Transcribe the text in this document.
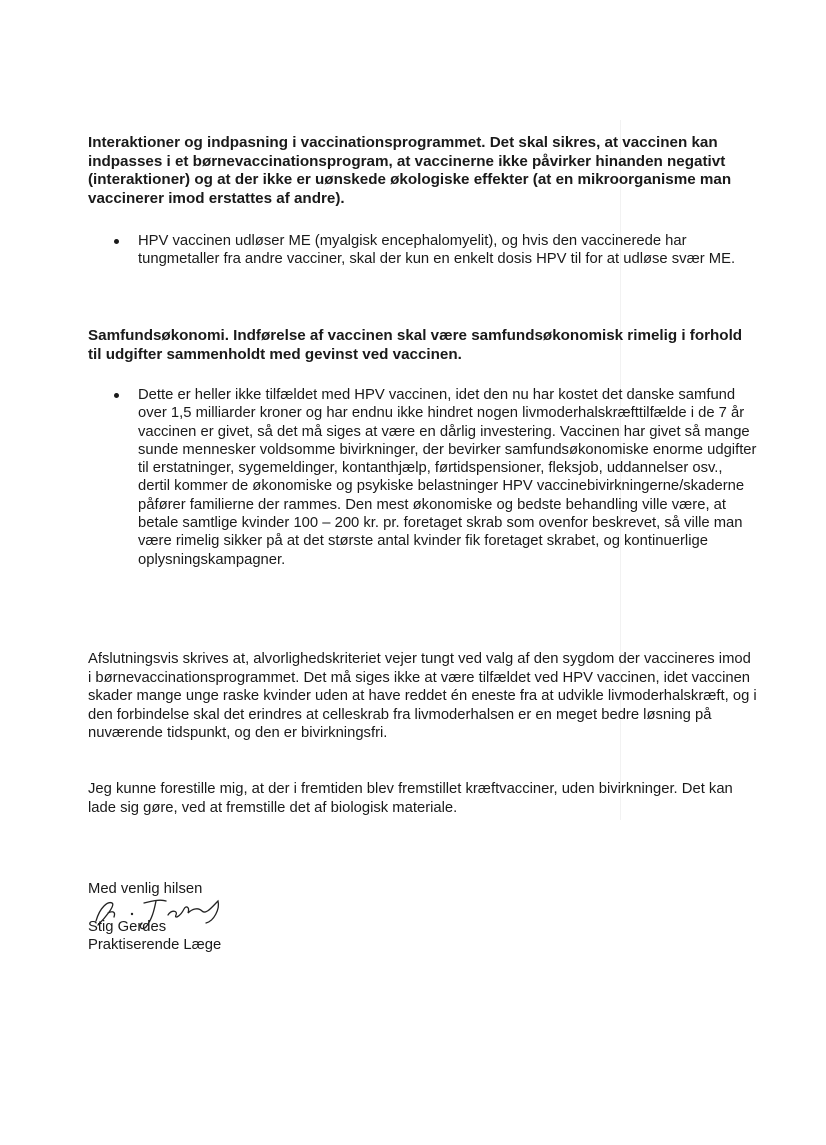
Interaktioner og indpasning i vaccinationsprogrammet. Det skal sikres, at vaccinen kan indpasses i et børnevaccinationsprogram, at vaccinerne ikke påvirker hinanden negativt (interaktioner) og at der ikke er uønskede økologiske effekter (at en mikroorganisme man vaccinerer imod erstattes af andre).
HPV vaccinen udløser ME (myalgisk encephalomyelit), og hvis den vaccinerede har tungmetaller fra andre vacciner, skal der kun en enkelt dosis HPV til for at udløse svær ME.
Samfundsøkonomi. Indførelse af vaccinen skal være samfundsøkonomisk rimelig i forhold til udgifter sammenholdt med gevinst ved vaccinen.
Dette er heller ikke tilfældet med HPV vaccinen, idet den nu har kostet det danske samfund over 1,5 milliarder kroner og har endnu ikke hindret nogen livmoderhalskræfttilfælde i de 7 år vaccinen er givet, så det må siges at være en dårlig investering. Vaccinen har givet så mange sunde mennesker voldsomme bivirkninger, der bevirker samfundsøkonomiske enorme udgifter til erstatninger, sygemeldinger, kontanthjælp, førtidspensioner, fleksjob, uddannelser osv., dertil kommer de økonomiske og psykiske belastninger HPV vaccinebivirkningerne/skaderne påfører familierne der rammes. Den mest økonomiske og bedste behandling ville være, at betale samtlige kvinder 100 – 200 kr. pr. foretaget skrab som ovenfor beskrevet, så ville man være rimelig sikker på at det største antal kvinder fik foretaget skrabet, og kontinuerlige oplysningskampagner.
Afslutningsvis skrives at, alvorlighedskriteriet vejer tungt ved valg af den sygdom der vaccineres imod i børnevaccinationsprogrammet. Det må siges ikke at være tilfældet ved HPV vaccinen, idet vaccinen skader mange unge raske kvinder uden at have reddet én eneste fra at udvikle livmoderhalskræft, og i den forbindelse skal det erindres at celleskrab fra livmoderhalsen er en meget bedre løsning på nuværende tidspunkt, og den er bivirkningsfri.
Jeg kunne forestille mig, at der i fremtiden blev fremstillet kræftvacciner, uden bivirkninger. Det kan lade sig gøre, ved at fremstille det af biologisk materiale.
Med venlig hilsen
Stig Gerdes
Praktiserende Læge
